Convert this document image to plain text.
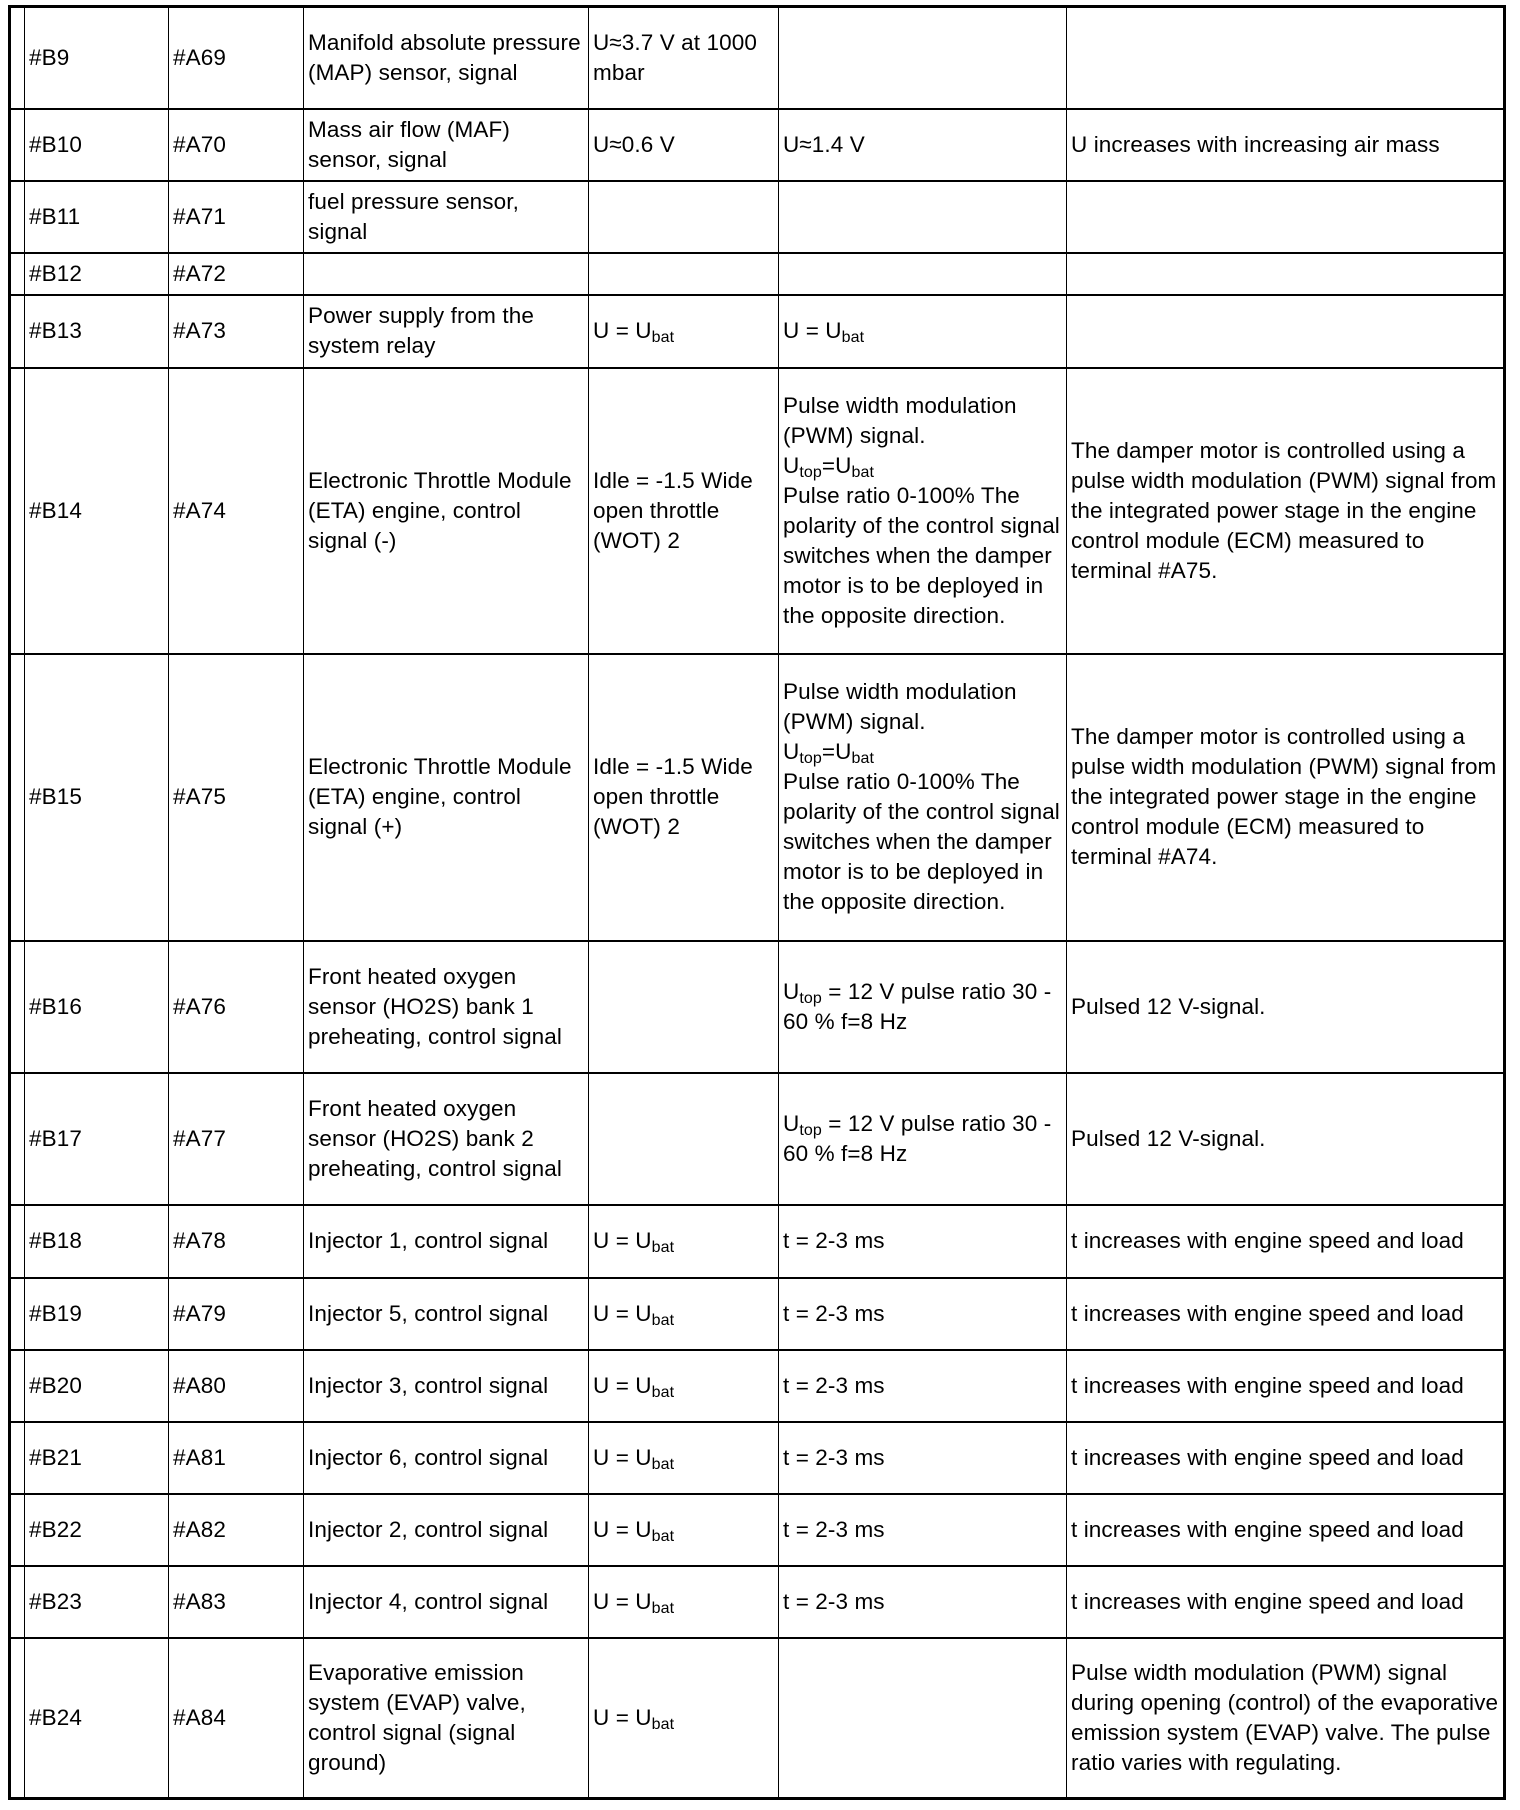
	#B9	#A69	Manifold absolute pressure (MAP) sensor, signal	U≈3.7 V at 1000 mbar		
	#B10	#A70	Mass air flow (MAF) sensor, signal	U≈0.6 V	U≈1.4 V	U increases with increasing air mass
	#B11	#A71	fuel pressure sensor, signal			
	#B12	#A72				
	#B13	#A73	Power supply from the system relay	$U = U_{bat}$	$U = U_{bat}$	
	#B14	#A74	Electronic Throttle Module (ETA) engine, control signal (-)	Idle = -1.5 Wide open throttle (WOT) 2	Pulse width modulation (PWM) signal.
$U_{top}=U_{bat}$
Pulse ratio 0-100% The polarity of the control signal switches when the damper motor is to be deployed in the opposite direction.	The damper motor is controlled using a pulse width modulation (PWM) signal from the integrated power stage in the engine control module (ECM) measured to terminal #A75.
	#B15	#A75	Electronic Throttle Module (ETA) engine, control signal (+)	Idle = -1.5 Wide open throttle (WOT) 2	Pulse width modulation (PWM) signal.
$U_{top}=U_{bat}$
Pulse ratio 0-100% The polarity of the control signal switches when the damper motor is to be deployed in the opposite direction.	The damper motor is controlled using a pulse width modulation (PWM) signal from the integrated power stage in the engine control module (ECM) measured to terminal #A74.
	#B16	#A76	Front heated oxygen sensor (HO2S) bank 1 preheating, control signal		$U_{top} = 12$ V pulse ratio 30 - 60 % f=8 Hz	Pulsed 12 V-signal.
	#B17	#A77	Front heated oxygen sensor (HO2S) bank 2 preheating, control signal		$U_{top} = 12$ V pulse ratio 30 - 60 % f=8 Hz	Pulsed 12 V-signal.
	#B18	#A78	Injector 1, control signal	$U = U_{bat}$	t = 2-3 ms	t increases with engine speed and load
	#B19	#A79	Injector 5, control signal	$U = U_{bat}$	t = 2-3 ms	t increases with engine speed and load
	#B20	#A80	Injector 3, control signal	$U = U_{bat}$	t = 2-3 ms	t increases with engine speed and load
	#B21	#A81	Injector 6, control signal	$U = U_{bat}$	t = 2-3 ms	t increases with engine speed and load
	#B22	#A82	Injector 2, control signal	$U = U_{bat}$	t = 2-3 ms	t increases with engine speed and load
	#B23	#A83	Injector 4, control signal	$U = U_{bat}$	t = 2-3 ms	t increases with engine speed and load
	#B24	#A84	Evaporative emission system (EVAP) valve, control signal (signal ground)	$U = U_{bat}$		Pulse width modulation (PWM) signal during opening (control) of the evaporative emission system (EVAP) valve. The pulse ratio varies with regulating.
